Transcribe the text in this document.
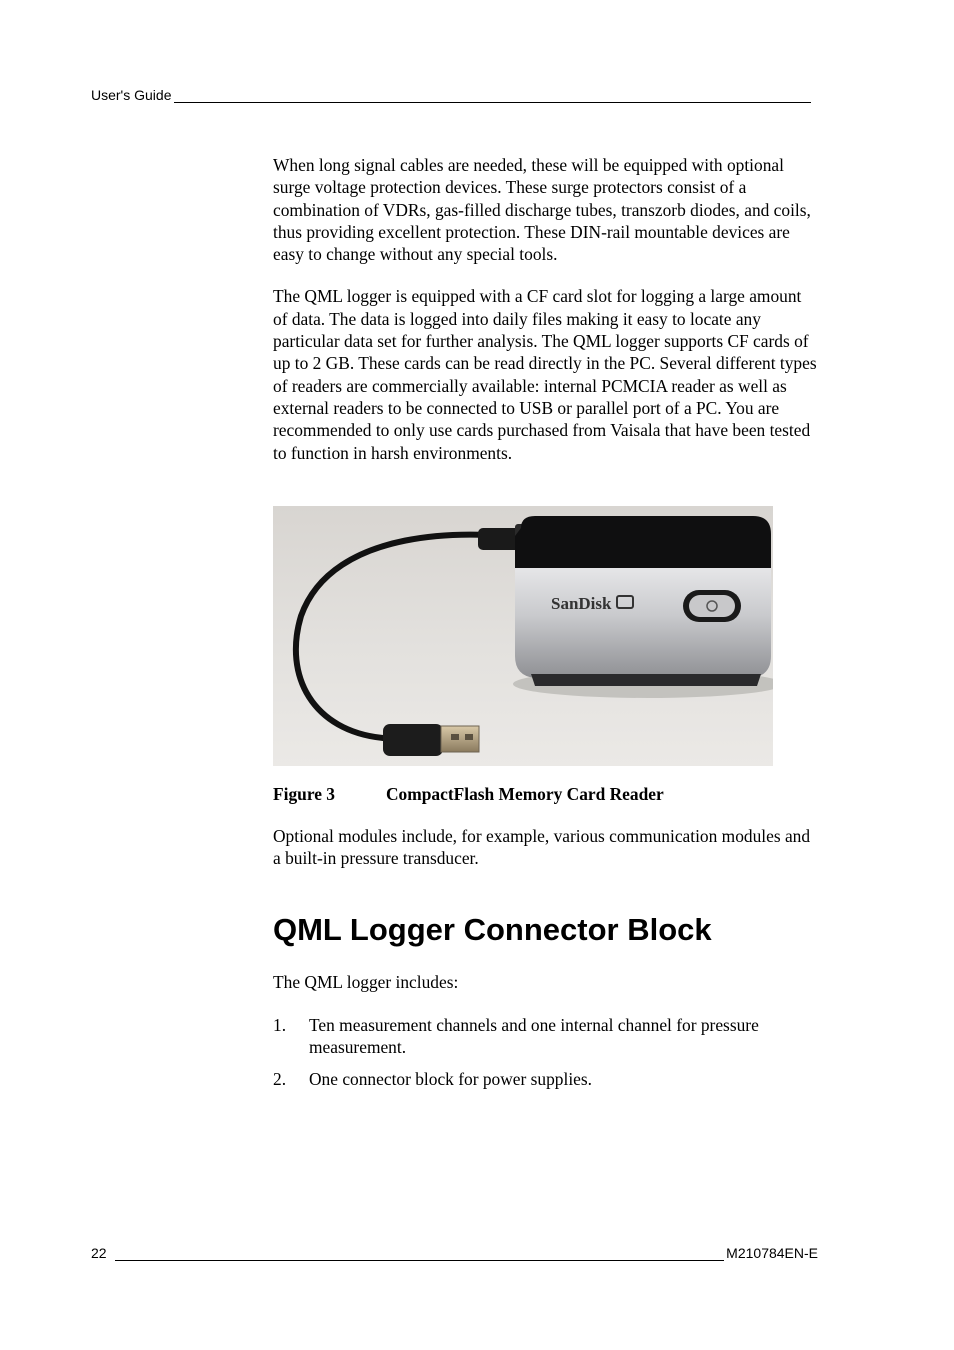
User's Guide

When long signal cables are needed, these will be equipped with optional surge voltage protection devices. These surge protectors consist of a combination of VDRs, gas-filled discharge tubes, transzorb diodes, and coils, thus providing excellent protection. These DIN-rail mountable devices are easy to change without any special tools.

The QML logger is equipped with a CF card slot for logging a large amount of data. The data is logged into daily files making it easy to locate any particular data set for further analysis. The QML logger supports CF cards of up to 2 GB. These cards can be read directly in the PC. Several different types of readers are commercially available: internal PCMCIA reader as well as external readers to be connected to USB or parallel port of a PC. You are recommended to only use cards purchased from Vaisala that have been tested to function in harsh environments.

SanDisk
Figure 3	CompactFlash Memory Card Reader

Optional modules include, for example, various communication modules and a built-in pressure transducer.

QML Logger Connector Block

The QML logger includes:

1.	Ten measurement channels and one internal channel for pressure measurement.
2.	One connector block for power supplies.
22	M210784EN-E
